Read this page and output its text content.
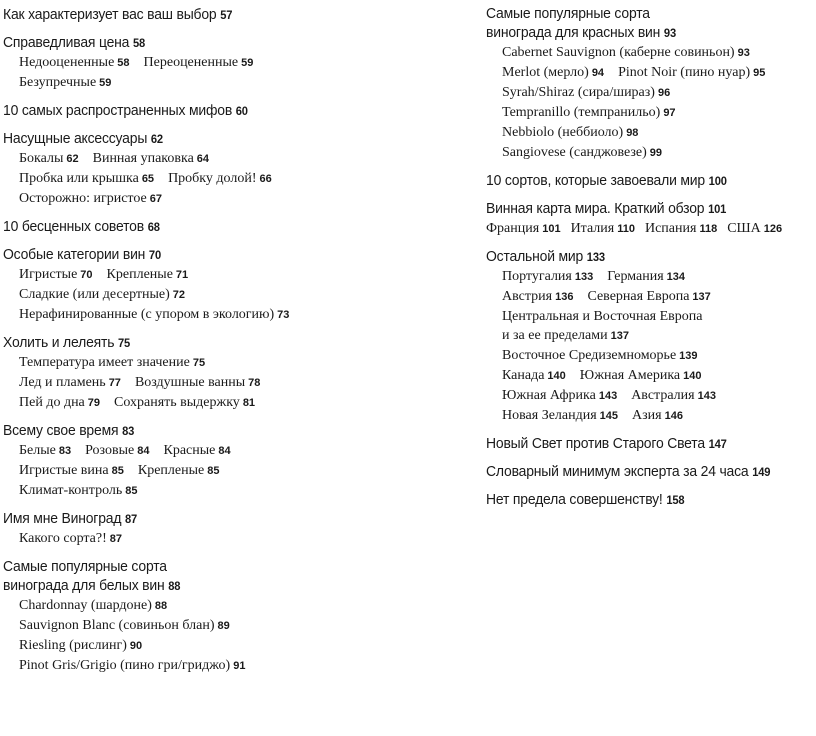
Как характеризует вас ваш выбор 57
Справедливая цена 58
Недооцененные 58 Переоцененные 59
Безупречные 59
10 самых распространенных мифов 60
Насущные аксессуары 62
Бокалы 62 Винная упаковка 64
Пробка или крышка 65 Пробку долой! 66
Осторожно: игристое 67
10 бесценных советов 68
Особые категории вин 70
Игристые 70 Крепленые 71
Сладкие (или десертные) 72
Нерафинированные (с упором в экологию) 73
Холить и лелеять 75
Температура имеет значение 75
Лед и пламень 77 Воздушные ванны 78
Пей до дна 79 Сохранять выдержку 81
Всему свое время 83
Белые 83 Розовые 84 Красные 84
Игристые вина 85 Крепленые 85
Климат-контроль 85
Имя мне Виноград 87
Какого сорта?! 87
Самые популярные сорта
винограда для белых вин 88
Chardonnay (шардоне) 88
Sauvignon Blanc (совиньон блан) 89
Riesling (рислинг) 90
Pinot Gris/Grigio (пино гри/гриджо) 91
Самые популярные сорта
винограда для красных вин 93
Cabernet Sauvignon (каберне совиньон) 93
Merlot (мерло) 94 Pinot Noir (пино нуар) 95
Syrah/Shiraz (сира/шираз) 96
Tempranillo (темпранильо) 97
Nebbiolo (неббиоло) 98
Sangiovese (санджовезе) 99
10 сортов, которые завоевали мир 100
Винная карта мира. Краткий обзор 101
Франция 101 Италия 110 Испания 118 США 126
Остальной мир 133
Португалия 133 Германия 134
Австрия 136 Северная Европа 137
Центральная и Восточная Европа
и за ее пределами 137
Восточное Средиземноморье 139
Канада 140 Южная Америка 140
Южная Африка 143 Австралия 143
Новая Зеландия 145 Азия 146
Новый Свет против Старого Света 147
Словарный минимум эксперта за 24 часа 149
Нет предела совершенству! 158
